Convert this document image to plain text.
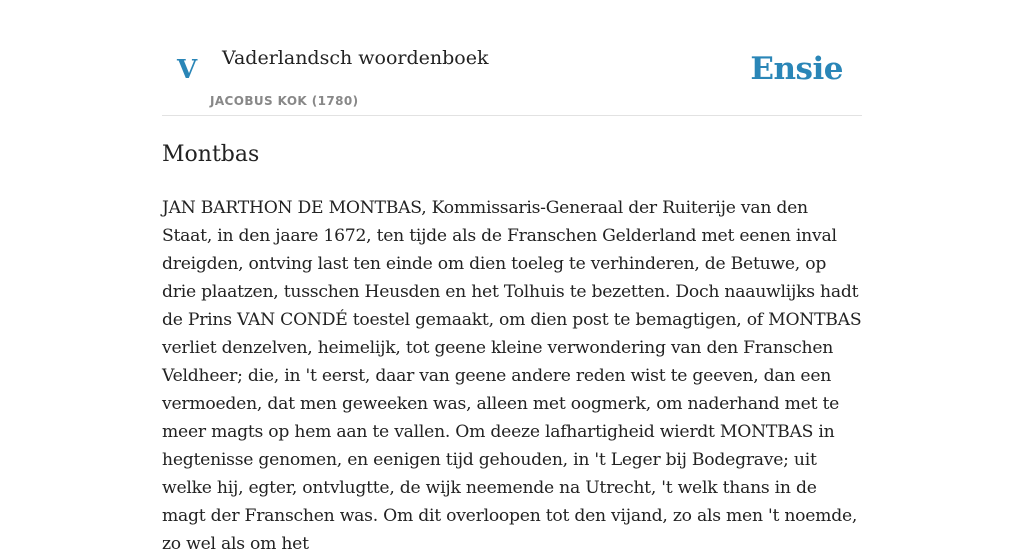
V Vaderlandsch woordenboek
JACOBUS KOK (1780)
Ensie
Montbas

JAN BARTHON DE MONTBAS, Kommissaris-Generaal der Ruiterije van den Staat, in den jaare 1672, ten tijde als de Franschen Gelderland met eenen inval dreigden, ontving last ten einde om dien toeleg te verhinderen, de Betuwe, op drie plaatzen, tusschen Heusden en het Tolhuis te bezetten. Doch naauwlijks hadt de Prins VAN CONDÉ toestel gemaakt, om dien post te bemagtigen, of MONTBAS verliet denzelven, heimelijk, tot geene kleine verwondering van den Franschen Veldheer; die, in 't eerst, daar van geene andere reden wist te geeven, dan een vermoeden, dat men geweeken was, alleen met oogmerk, om naderhand met te meer magts op hem aan te vallen. Om deeze lafhartigheid wierdt MONTBAS in hegtenisse genomen, en eenigen tijd gehouden, in 't Leger bij Bodegrave; uit welke hij, egter, ontvlugtte, de wijk neemende na Utrecht, 't welk thans in de magt der Franschen was. Om dit overloopen tot den vijand, zo als men 't noemde, zo wel als om het
